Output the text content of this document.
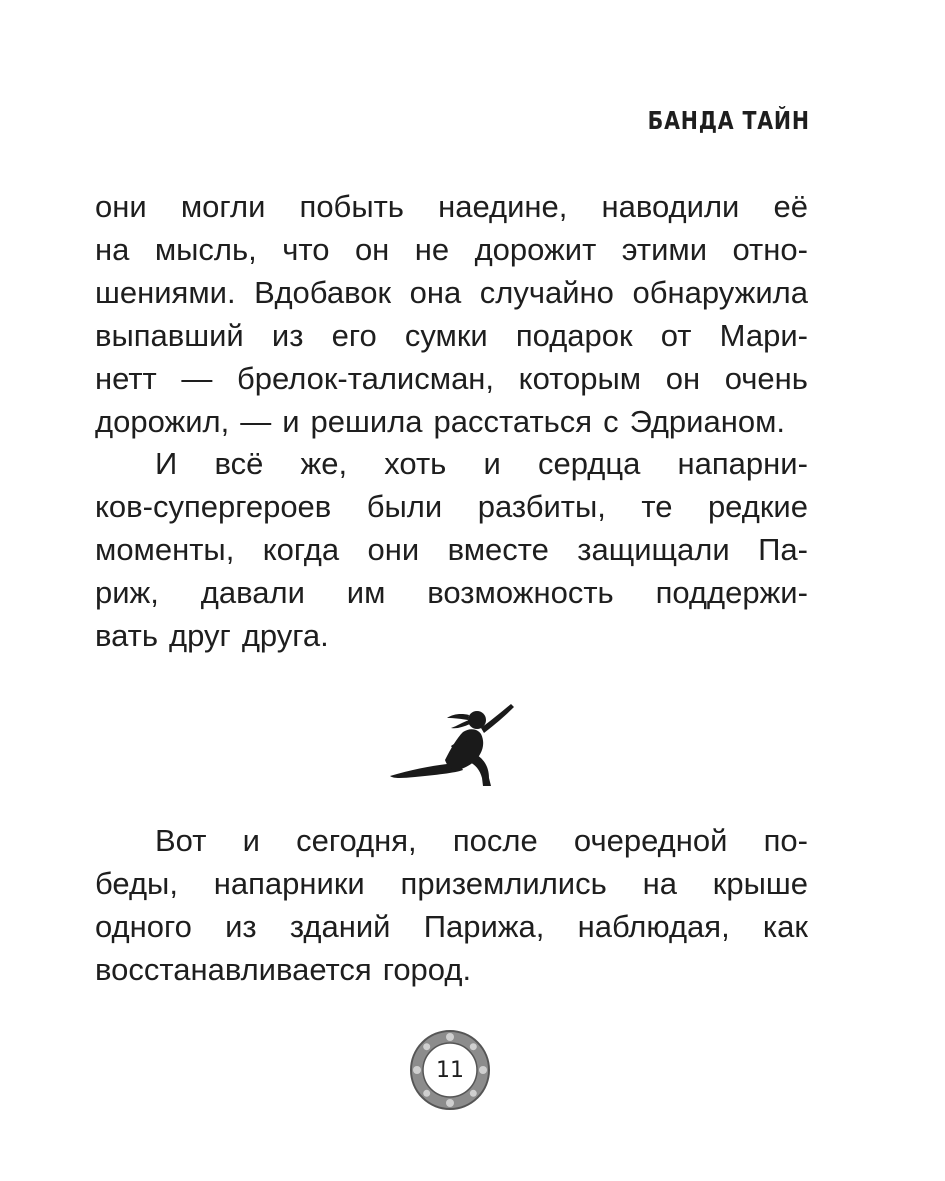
БАНДА ТАЙН
они могли побыть наедине, наводили её
на мысль, что он не дорожит этими отно-
шениями. Вдобавок она случайно обнаружила
выпавший из его сумки подарок от Мари-
нетт — брелок-талисман, которым он очень
дорожил, — и решила расстаться с Эдрианом.
И всё же, хоть и сердца напарни-
ков-супергероев были разбиты, те редкие
моменты, когда они вместе защищали Па-
риж, давали им возможность поддержи-
вать друг друга.
Вот и сегодня, после очередной по-
беды, напарники приземлились на крыше
одного из зданий Парижа, наблюдая, как
восстанавливается город.
11
